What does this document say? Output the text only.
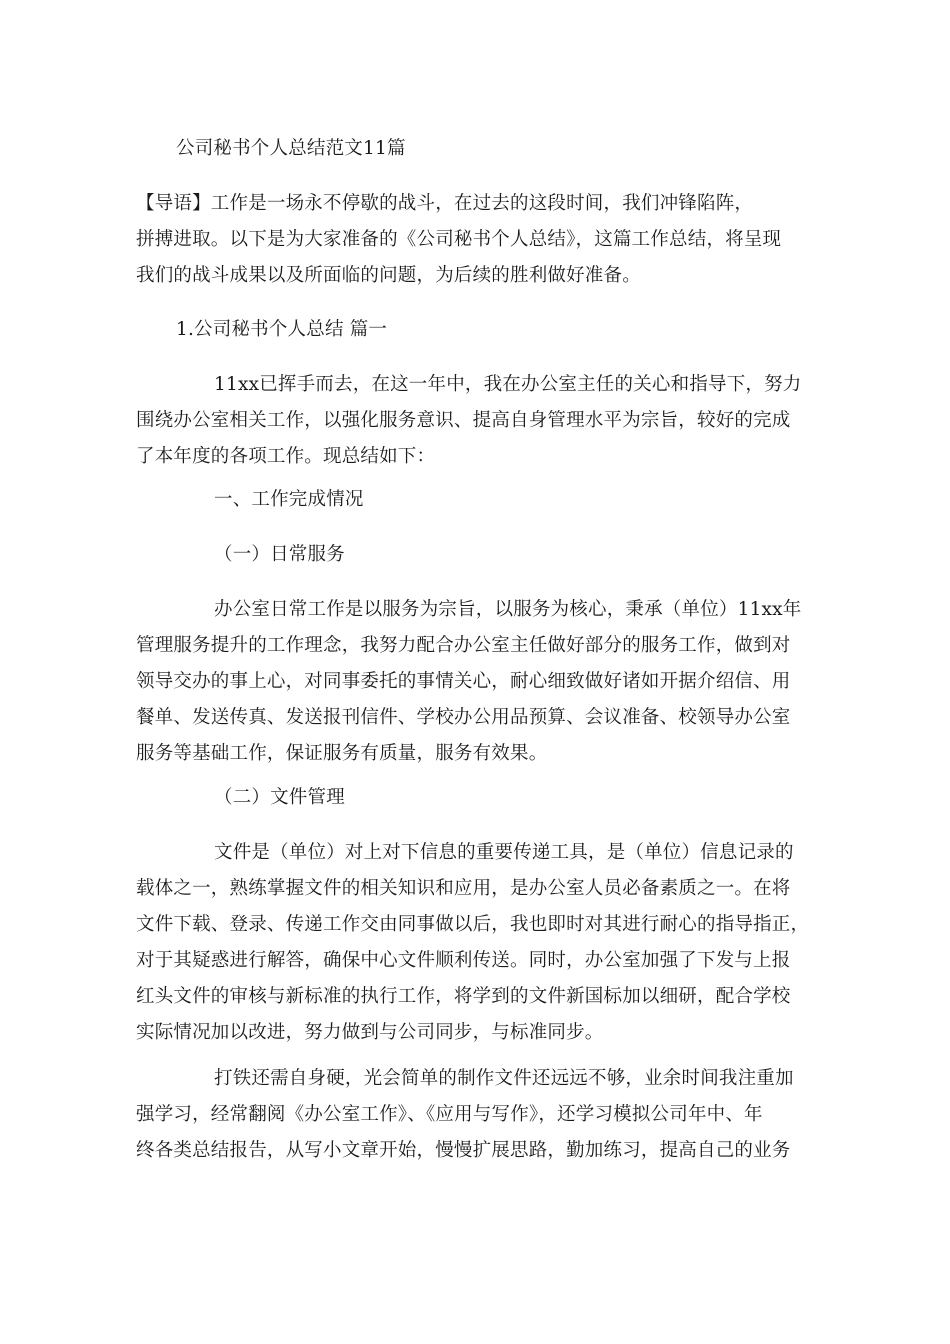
公司秘书个人总结范文11篇
【导语】工作是一场永不停歇的战斗，在过去的这段时间，我们冲锋陷阵，
拼搏进取。以下是为大家准备的《公司秘书个人总结》，这篇工作总结，将呈现
我们的战斗成果以及所面临的问题，为后续的胜利做好准备。
1.公司秘书个人总结 篇一
11xx已挥手而去，在这一年中，我在办公室主任的关心和指导下，努力
围绕办公室相关工作，以强化服务意识、提高自身管理水平为宗旨，较好的完成
了本年度的各项工作。现总结如下：
一、工作完成情况
（一）日常服务
办公室日常工作是以服务为宗旨，以服务为核心，秉承（单位）11xx年
管理服务提升的工作理念，我努力配合办公室主任做好部分的服务工作，做到对
领导交办的事上心，对同事委托的事情关心，耐心细致做好诸如开据介绍信、用
餐单、发送传真、发送报刊信件、学校办公用品预算、会议准备、校领导办公室
服务等基础工作，保证服务有质量，服务有效果。
（二）文件管理
文件是（单位）对上对下信息的重要传递工具，是（单位）信息记录的
载体之一，熟练掌握文件的相关知识和应用，是办公室人员必备素质之一。在将
文件下载、登录、传递工作交由同事做以后，我也即时对其进行耐心的指导指正，
对于其疑惑进行解答，确保中心文件顺利传送。同时，办公室加强了下发与上报
红头文件的审核与新标准的执行工作，将学到的文件新国标加以细研，配合学校
实际情况加以改进，努力做到与公司同步，与标准同步。
打铁还需自身硬，光会简单的制作文件还远远不够，业余时间我注重加
强学习，经常翻阅《办公室工作》、《应用与写作》，还学习模拟公司年中、年
终各类总结报告，从写小文章开始，慢慢扩展思路，勤加练习，提高自己的业务
